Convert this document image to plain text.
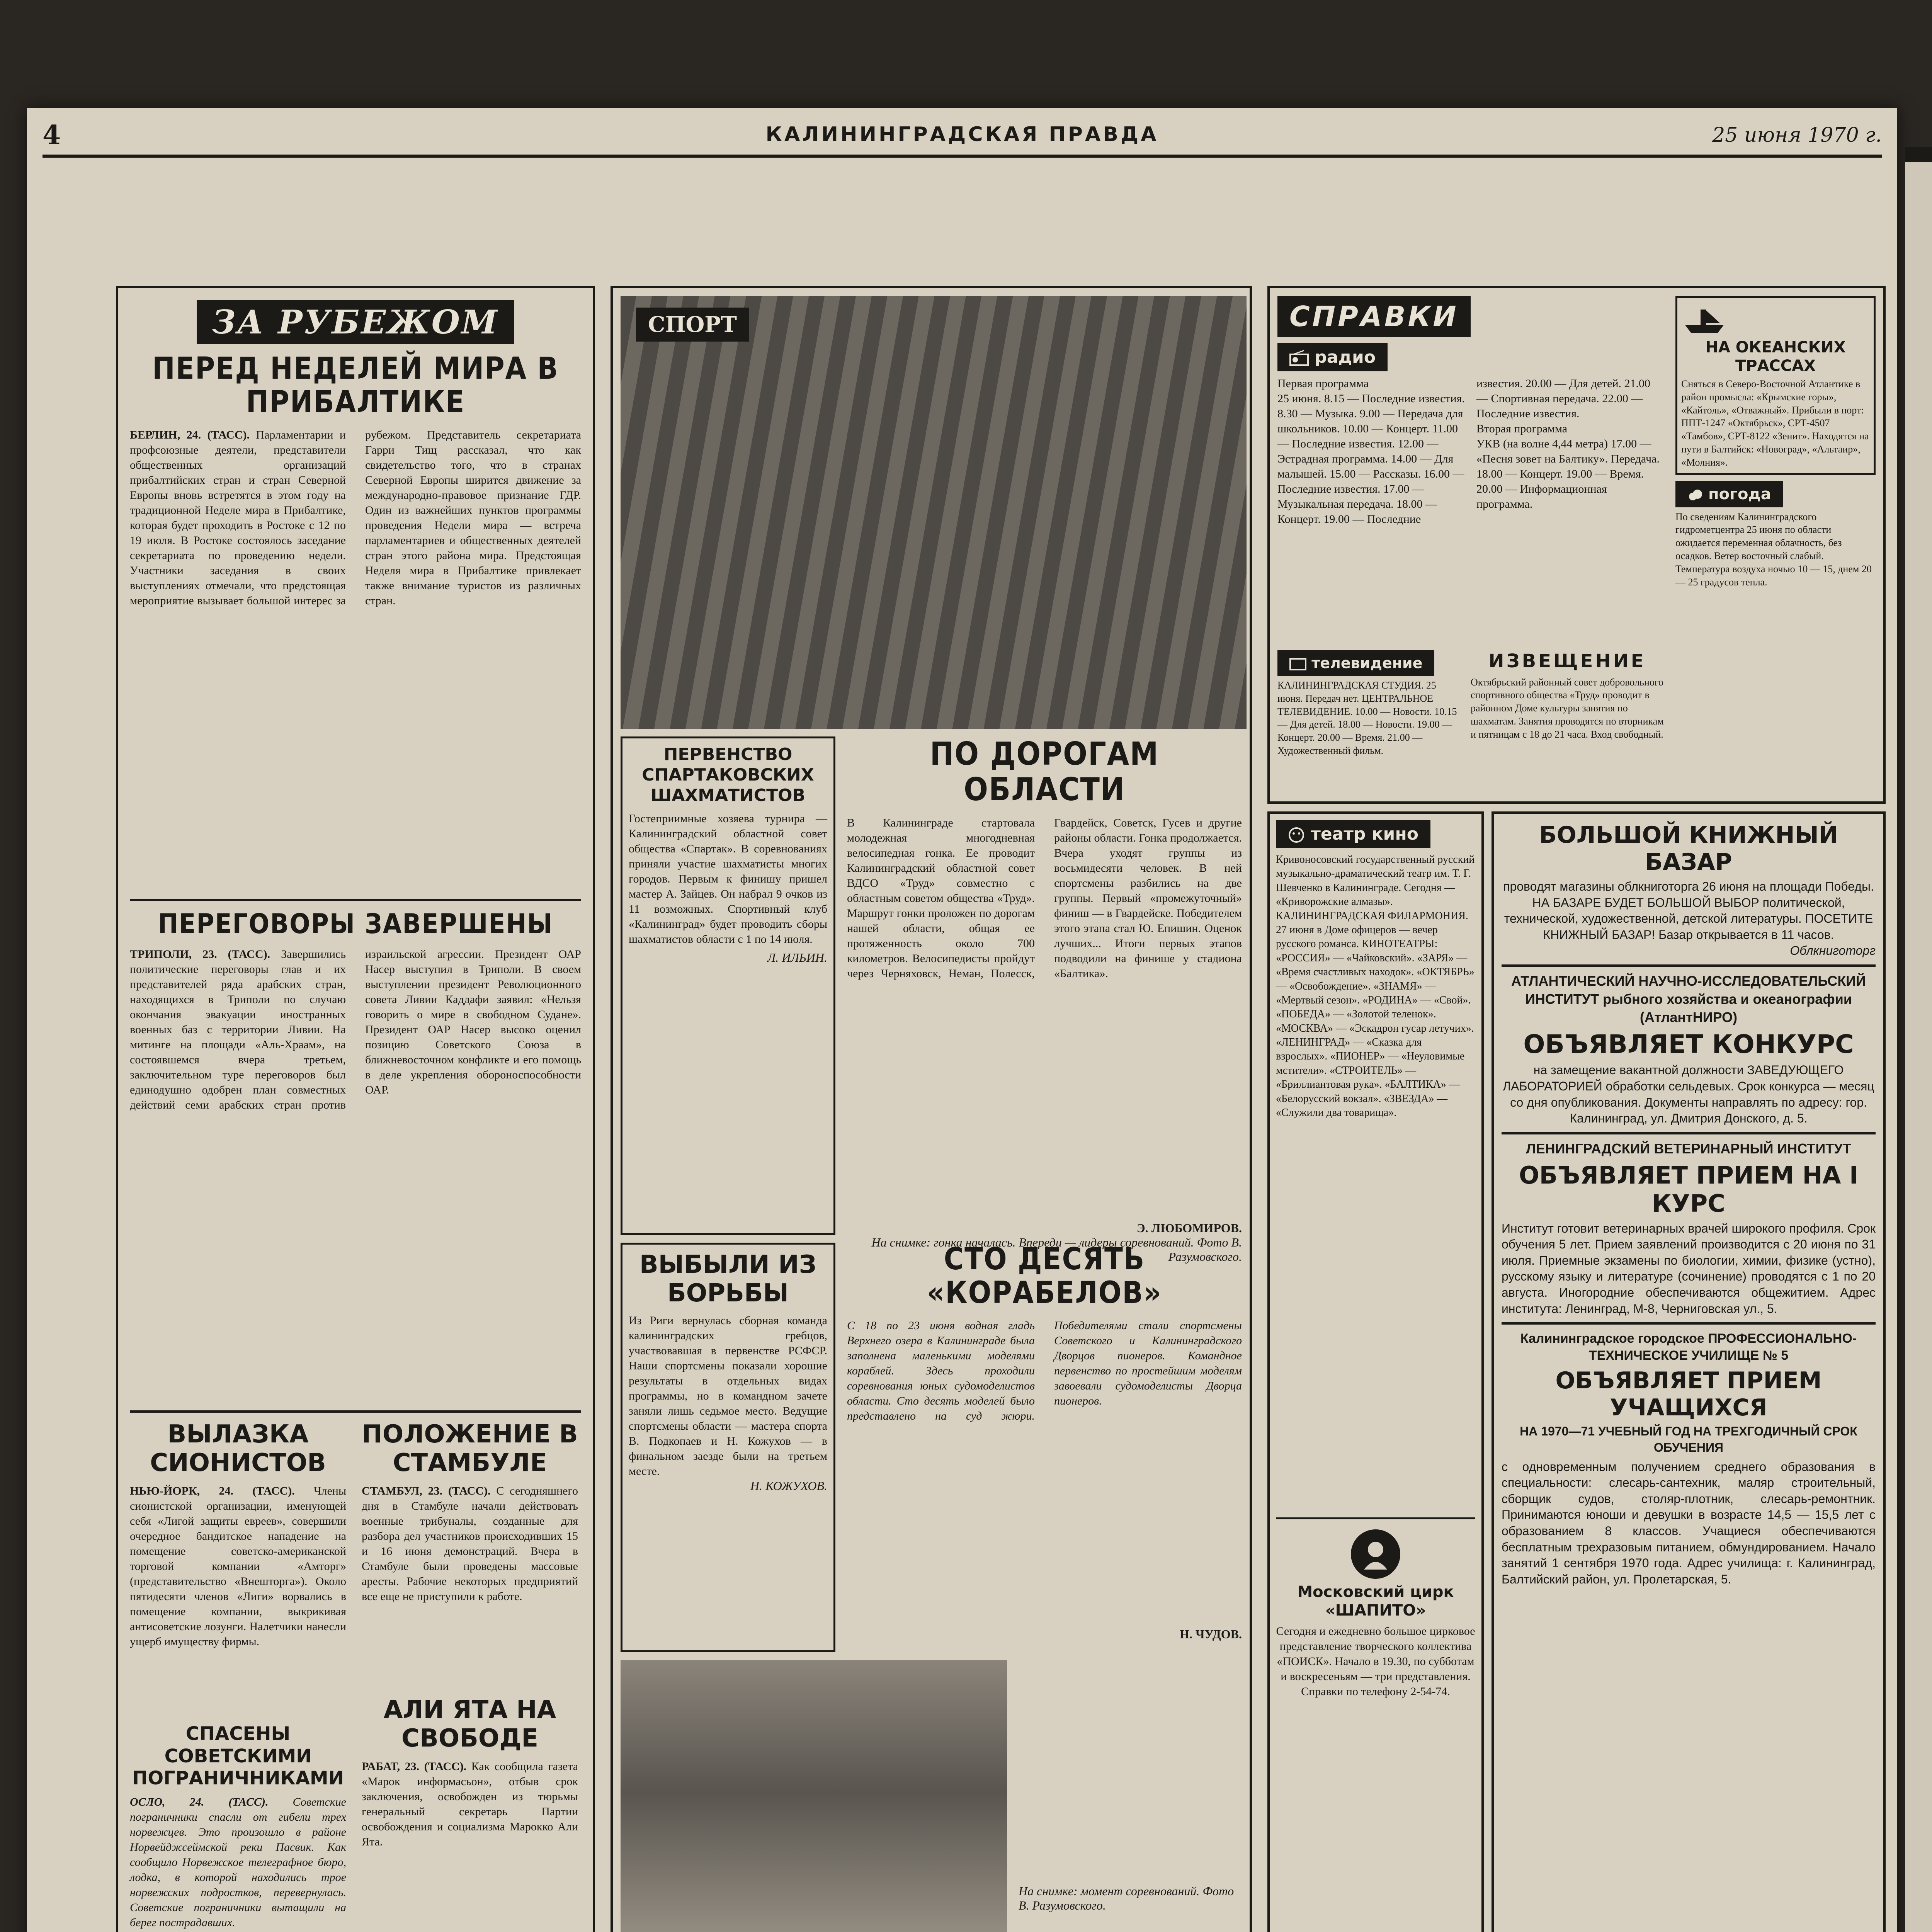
4	КАЛИНИНГРАДСКАЯ ПРАВДА	25 июня 1970 г.
ЗА РУБЕЖОМ
ПЕРЕД НЕДЕЛЕЙ МИРА В ПРИБАЛТИКЕ
БЕРЛИН, 24. (ТАСС). Парламентарии и профсоюзные деятели, представители общественных организаций прибалтийских стран и стран Северной Европы вновь встретятся в этом году на традиционной Неделе мира в Прибалтике, которая будет проходить в Ростоке с 12 по 19 июля. В Ростоке состоялось заседание секретариата по проведению недели. Участники заседания в своих выступлениях отмечали, что предстоящая мероприятие вызывает большой интерес за рубежом. Представитель секретариата Гарри Тищ рассказал, что как свидетельство того, что в странах Северной Европы ширится движение за международно-правовое признание ГДР. Один из важнейших пунктов программы проведения Недели мира — встреча парламентариев и общественных деятелей стран этого района мира. Предстоящая Неделя мира в Прибалтике привлекает также внимание туристов из различных стран.
ПЕРЕГОВОРЫ ЗАВЕРШЕНЫ
ТРИПОЛИ, 23. (ТАСС). Завершились политические переговоры глав и их представителей ряда арабских стран, находящихся в Триполи по случаю окончания эвакуации иностранных военных баз с территории Ливии. На митинге на площади «Аль-Храам», на состоявшемся вчера третьем, заключительном туре переговоров был единодушно одобрен план совместных действий семи арабских стран против израильской агрессии. Президент ОАР Насер выступил в Триполи. В своем выступлении президент Революционного совета Ливии Каддафи заявил: «Нельзя говорить о мире в свободном Судане». Президент ОАР Насер высоко оценил позицию Советского Союза в ближневосточном конфликте и его помощь в деле укрепления обороноспособности ОАР.
ВЫЛАЗКА СИОНИСТОВ
НЬЮ-ЙОРК, 24. (ТАСС). Члены сионистской организации, именующей себя «Лигой защиты евреев», совершили очередное бандитское нападение на помещение советско-американской торговой компании «Амторг» (представительство «Внешторга»). Около пятидесяти членов «Лиги» ворвались в помещение компании, выкрикивая антисоветские лозунги. Налетчики нанесли ущерб имуществу фирмы.
СПАСЕНЫ СОВЕТСКИМИ ПОГРАНИЧНИКАМИ
ОСЛО, 24. (ТАСС). Советские пограничники спасли от гибели трех норвежцев. Это произошло в районе Норвейджсеймской реки Пасвик. Как сообщило Норвежское телеграфное бюро, лодка, в которой находились трое норвежских подростков, перевернулась. Советские пограничники вытащили на берег пострадавших.
ПОЛОЖЕНИЕ В СТАМБУЛЕ
СТАМБУЛ, 23. (ТАСС). С сегодняшнего дня в Стамбуле начали действовать военные трибуналы, созданные для разбора дел участников происходивших 15 и 16 июня демонстраций. Вчера в Стамбуле были проведены массовые аресты. Рабочие некоторых предприятий все еще не приступили к работе.
АЛИ ЯТА НА СВОБОДЕ
РАБАТ, 23. (ТАСС). Как сообщила газета «Марок информасьон», отбыв срок заключения, освобожден из тюрьмы генеральный секретарь Партии освобождения и социализма Марокко Али Ята.
СПОРТ
ПЕРВЕНСТВО СПАРТАКОВСКИХ ШАХМАТИСТОВ
Гостеприимные хозяева турнира — Калининградский областной совет общества «Спартак». В соревнованиях приняли участие шахматисты многих городов. Первым к финишу пришел мастер А. Зайцев. Он набрал 9 очков из 11 возможных. Спортивный клуб «Калининград» будет проводить сборы шахматистов области с 1 по 14 июля.
Л. ИЛЬИН.
ПО ДОРОГАМ ОБЛАСТИ
В Калининграде стартовала молодежная многодневная велосипедная гонка. Ее проводит Калининградский областной совет ВДСО «Труд» совместно с областным советом общества «Труд». Маршрут гонки проложен по дорогам нашей области, общая ее протяженность около 700 километров. Велосипедисты пройдут через Черняховск, Неман, Полесск, Гвардейск, Советск, Гусев и другие районы области. Гонка продолжается. Вчера уходят группы из восьмидесяти человек. В ней спортсмены разбились на две группы. Первый «промежуточный» финиш — в Гвардейске. Победителем этого этапа стал Ю. Епишин. Оценок лучших... Итоги первых этапов подводили на финише у стадиона «Балтика».
Э. ЛЮБОМИРОВ.
На снимке: гонка началась. Впереди — лидеры соревнований. Фото В. Разумовского.
ВЫБЫЛИ ИЗ БОРЬБЫ
Из Риги вернулась сборная команда калининградских гребцов, участвовавшая в первенстве РСФСР. Наши спортсмены показали хорошие результаты в отдельных видах программы, но в командном зачете заняли лишь седьмое место. Ведущие спортсмены области — мастера спорта В. Подкопаев и Н. Кожухов — в финальном заезде были на третьем месте.
Н. КОЖУХОВ.
СТО ДЕСЯТЬ «КОРАБЕЛОВ»
С 18 по 23 июня водная гладь Верхнего озера в Калининграде была заполнена маленькими моделями кораблей. Здесь проходили соревнования юных судомоделистов области. Сто десять моделей было представлено на суд жюри. Победителями стали спортсмены Советского и Калининградского Дворцов пионеров. Командное первенство по простейшим моделям завоевали судомоделисты Дворца пионеров.
Н. ЧУДОВ.
На снимке: момент соревнований. Фото В. Разумовского.
СПРАВКИ
радио
Первая программа
25 июня. 8.15 — Последние известия. 8.30 — Музыка. 9.00 — Передача для школьников. 10.00 — Концерт. 11.00 — Последние известия. 12.00 — Эстрадная программа. 14.00 — Для малышей. 15.00 — Рассказы. 16.00 — Последние известия. 17.00 — Музыкальная передача. 18.00 — Концерт. 19.00 — Последние известия. 20.00 — Для детей. 21.00 — Спортивная передача. 22.00 — Последние известия.
Вторая программа
УКВ (на волне 4,44 метра) 17.00 — «Песня зовет на Балтику». Передача. 18.00 — Концерт. 19.00 — Время. 20.00 — Информационная программа.
телевидение
КАЛИНИНГРАДСКАЯ СТУДИЯ. 25 июня. Передач нет. ЦЕНТРАЛЬНОЕ ТЕЛЕВИДЕНИЕ. 10.00 — Новости. 10.15 — Для детей. 18.00 — Новости. 19.00 — Концерт. 20.00 — Время. 21.00 — Художественный фильм.
ИЗВЕЩЕНИЕ
Октябрьский районный совет добровольного спортивного общества «Труд» проводит в районном Доме культуры занятия по шахматам. Занятия проводятся по вторникам и пятницам с 18 до 21 часа. Вход свободный.
НА ОКЕАНСКИХ ТРАССАХ
Сняться в Северо-Восточной Атлантике в район промысла: «Крымские горы», «Кайтоль», «Отважный». Прибыли в порт: ППТ-1247 «Октябрьск», СРТ-4507 «Тамбов», СРТ-8122 «Зенит». Находятся на пути в Балтийск: «Новоград», «Альтаир», «Молния».
погода
По сведениям Калининградского гидрометцентра 25 июня по области ожидается переменная облачность, без осадков. Ветер восточный слабый. Температура воздуха ночью 10 — 15, днем 20 — 25 градусов тепла.
театр кино
Кривоносовский государственный русский музыкально-драматический театр им. Т. Г. Шевченко в Калининграде. Сегодня — «Криворожские алмазы». КАЛИНИНГРАДСКАЯ ФИЛАРМОНИЯ. 27 июня в Доме офицеров — вечер русского романса. КИНОТЕАТРЫ: «РОССИЯ» — «Чайковский». «ЗАРЯ» — «Время счастливых находок». «ОКТЯБРЬ» — «Освобождение». «ЗНАМЯ» — «Мертвый сезон». «РОДИНА» — «Свой». «ПОБЕДА» — «Золотой теленок». «МОСКВА» — «Эскадрон гусар летучих». «ЛЕНИНГРАД» — «Сказка для взрослых». «ПИОНЕР» — «Неуловимые мстители». «СТРОИТЕЛЬ» — «Бриллиантовая рука». «БАЛТИКА» — «Белорусский вокзал». «ЗВЕЗДА» — «Служили два товарища».
Московский цирк «ШАПИТО»
Сегодня и ежедневно большое цирковое представление творческого коллектива «ПОИСК». Начало в 19.30, по субботам и воскресеньям — три представления. Справки по телефону 2-54-74.
БОЛЬШОЙ КНИЖНЫЙ БАЗАР
проводят магазины облкниготорга 26 июня на площади Победы. НА БАЗАРЕ БУДЕТ БОЛЬШОЙ ВЫБОР политической, технической, художественной, детской литературы. ПОСЕТИТЕ КНИЖНЫЙ БАЗАР! Базар открывается в 11 часов.
Облкниготорг
АТЛАНТИЧЕСКИЙ НАУЧНО-ИССЛЕДОВАТЕЛЬСКИЙ ИНСТИТУТ рыбного хозяйства и океанографии (АтлантНИРО)
ОБЪЯВЛЯЕТ КОНКУРС
на замещение вакантной должности ЗАВЕДУЮЩЕГО ЛАБОРАТОРИЕЙ обработки сельдевых. Срок конкурса — месяц со дня опубликования. Документы направлять по адресу: гор. Калининград, ул. Дмитрия Донского, д. 5.
ЛЕНИНГРАДСКИЙ ВЕТЕРИНАРНЫЙ ИНСТИТУТ
ОБЪЯВЛЯЕТ ПРИЕМ НА I КУРС
Институт готовит ветеринарных врачей широкого профиля. Срок обучения 5 лет. Прием заявлений производится с 20 июня по 31 июля. Приемные экзамены по биологии, химии, физике (устно), русскому языку и литературе (сочинение) проводятся с 1 по 20 августа. Иногородние обеспечиваются общежитием. Адрес института: Ленинград, М-8, Черниговская ул., 5.
Калининградское городское ПРОФЕССИОНАЛЬНО-ТЕХНИЧЕСКОЕ УЧИЛИЩЕ № 5
ОБЪЯВЛЯЕТ ПРИЕМ УЧАЩИХСЯ
НА 1970—71 УЧЕБНЫЙ ГОД НА ТРЕХГОДИЧНЫЙ СРОК ОБУЧЕНИЯ
с одновременным получением среднего образования в специальности: слесарь-сантехник, маляр строительный, сборщик судов, столяр-плотник, слесарь-ремонтник. Принимаются юноши и девушки в возрасте 14,5 — 15,5 лет с образованием 8 классов. Учащиеся обеспечиваются бесплатным трехразовым питанием, обмундированием. Начало занятий 1 сентября 1970 года. Адрес училища: г. Калининград, Балтийский район, ул. Пролетарская, 5.
